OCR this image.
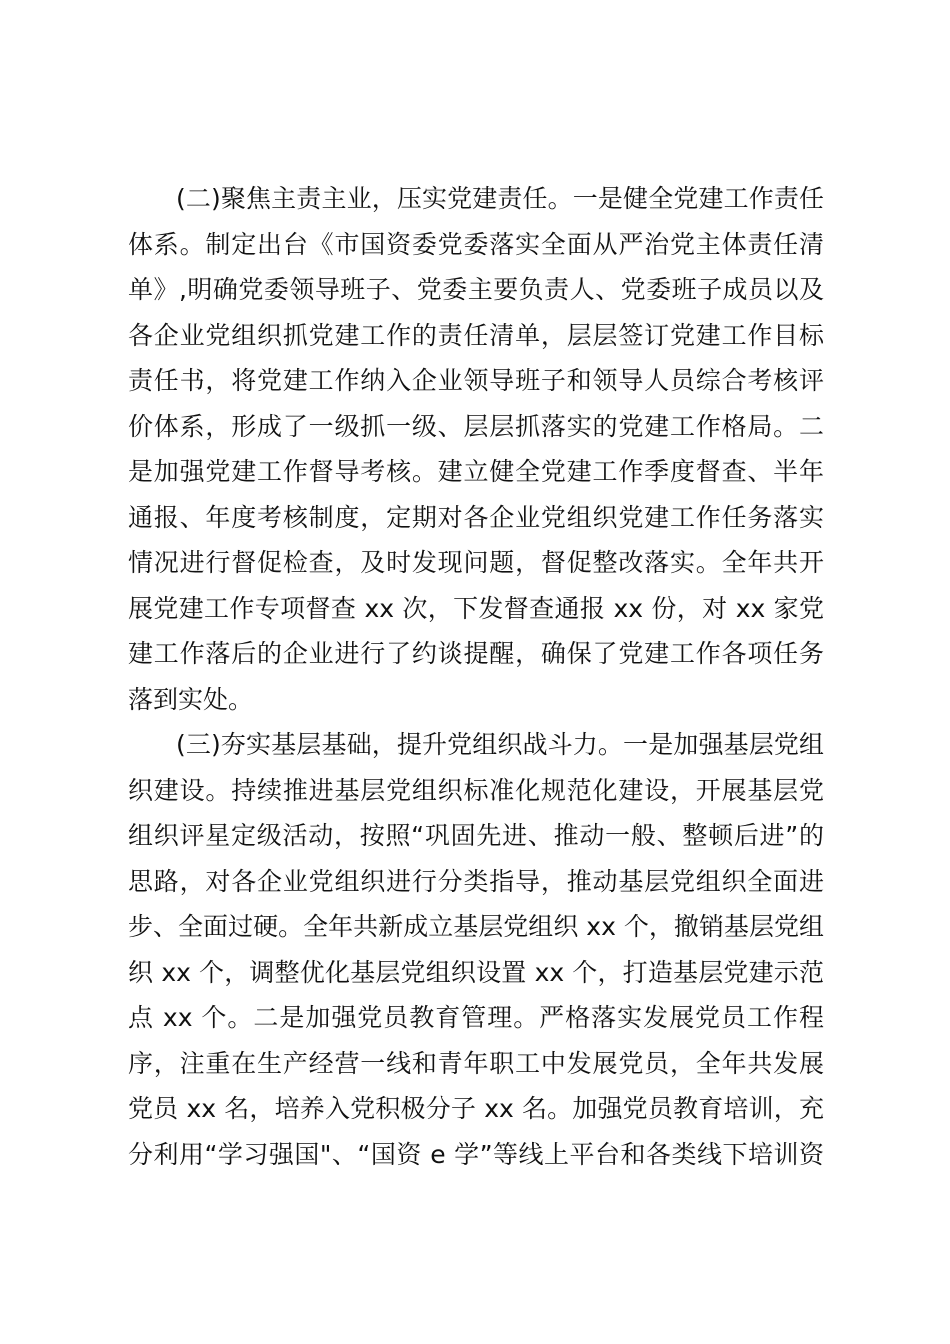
(二)聚焦主责主业，压实党建责任。一是健全党建工作责任
体系。制定出台《市国资委党委落实全面从严治党主体责任清
单》,明确党委领导班子、党委主要负责人、党委班子成员以及
各企业党组织抓党建工作的责任清单，层层签订党建工作目标
责任书，将党建工作纳入企业领导班子和领导人员综合考核评
价体系，形成了一级抓一级、层层抓落实的党建工作格局。二
是加强党建工作督导考核。建立健全党建工作季度督查、半年
通报、年度考核制度，定期对各企业党组织党建工作任务落实
情况进行督促检查，及时发现问题，督促整改落实。全年共开
展党建工作专项督查 xx 次，下发督查通报 xx 份，对 xx 家党
建工作落后的企业进行了约谈提醒，确保了党建工作各项任务
落到实处。
(三)夯实基层基础，提升党组织战斗力。一是加强基层党组
织建设。持续推进基层党组织标准化规范化建设，开展基层党
组织评星定级活动，按照“巩固先进、推动一般、整顿后进”的
思路，对各企业党组织进行分类指导，推动基层党组织全面进
步、全面过硬。全年共新成立基层党组织 xx 个，撤销基层党组
织 xx 个，调整优化基层党组织设置 xx 个，打造基层党建示范
点 xx 个。二是加强党员教育管理。严格落实发展党员工作程
序，注重在生产经营一线和青年职工中发展党员，全年共发展
党员 xx 名，培养入党积极分子 xx 名。加强党员教育培训，充
分利用“学习强国"、“国资 e 学”等线上平台和各类线下培训资
